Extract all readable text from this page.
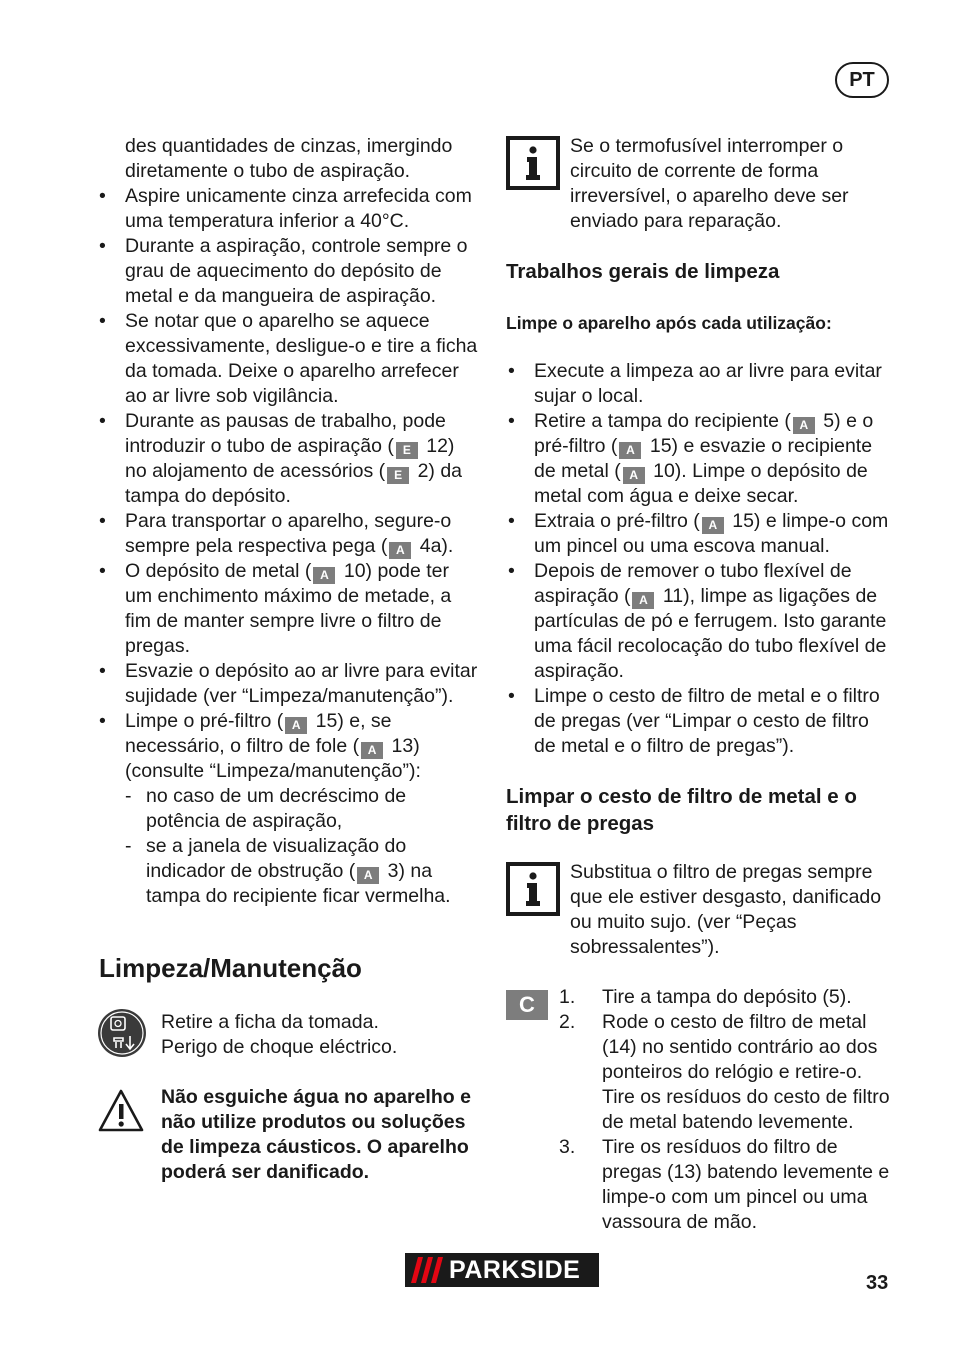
PT
des quantidades de cinzas, imergindo
diretamente o tubo de aspiração.
• Aspire unicamente cinza arrefecida com uma temperatura inferior a 40°C.
• Durante a aspiração, controle sempre o grau de aquecimento do depósito de metal e da mangueira de aspiração.
• Se notar que o aparelho se aquece excessivamente, desligue-o e tire a ficha da tomada. Deixe o aparelho arrefecer ao ar livre sob vigilância.
• Durante as pausas de trabalho, pode introduzir o tubo de aspiração ( E 12) no alojamento de acessórios ( E 2) da tampa do depósito.
• Para transportar o aparelho, segure-o sempre pela respectiva pega ( A 4a).
• O depósito de metal ( A 10) pode ter um enchimento máximo de metade, a fim de manter sempre livre o filtro de pregas.
• Esvazie o depósito ao ar livre para evitar sujidade (ver “Limpeza/manutenção”).
• Limpe o pré-filtro ( A 15) e, se necessário, o filtro de fole ( A 13) (consulte “Limpeza/manutenção”):
- no caso de um decréscimo de potência de aspiração,
- se a janela de visualização do indicador de obstrução ( A 3) na tampa do recipiente ficar vermelha.
Limpeza/Manutenção
Retire a ficha da tomada.
Perigo de choque eléctrico.
Não esguiche água no aparelho e não utilize produtos ou soluções de limpeza cáusticos. O aparelho poderá ser danificado.
Se o termofusível interromper o circuito de corrente de forma irreversível, o aparelho deve ser enviado para reparação.
Trabalhos gerais de limpeza
Limpe o aparelho após cada utilização:
• Execute a limpeza ao ar livre para evitar sujar o local.
• Retire a tampa do recipiente ( A 5) e o pré-filtro ( A 15) e esvazie o recipiente de metal ( A 10). Limpe o depósito de metal com água e deixe secar.
• Extraia o pré-filtro ( A 15) e limpe-o com um pincel ou uma escova manual.
• Depois de remover o tubo flexível de aspiração ( A 11), limpe as ligações de partículas de pó e ferrugem. Isto garante uma fácil recolocação do tubo flexível de aspiração.
• Limpe o cesto de filtro de metal e o filtro de pregas (ver “Limpar o cesto de filtro de metal e o filtro de pregas”).
Limpar o cesto de filtro de metal e o filtro de pregas
Substitua o filtro de pregas sempre que ele estiver desgasto, danificado ou muito sujo. (ver “Peças sobressalentes”).
C	1. Tire a tampa do depósito (5).
2. Rode o cesto de filtro de metal (14) no sentido contrário ao dos ponteiros do relógio e retire-o. Tire os resíduos do cesto de filtro de metal batendo levemente.
3. Tire os resíduos do filtro de pregas (13) batendo levemente e limpe-o com um pincel ou uma vassoura de mão.
PARKSIDE	33
